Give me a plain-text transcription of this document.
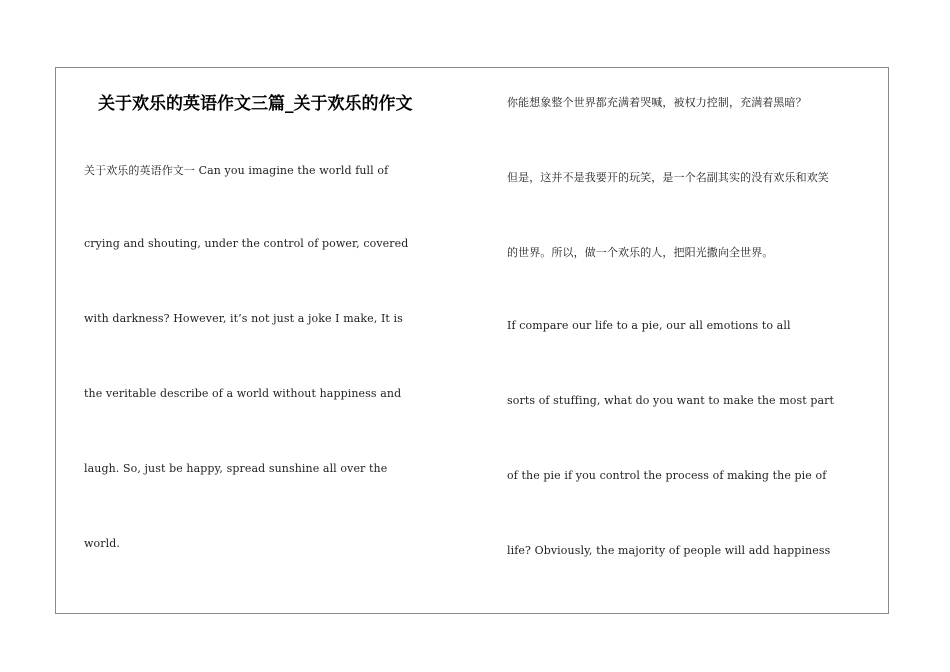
关于欢乐的英语作文三篇_关于欢乐的作文
关于欢乐的英语作文一 Can you imagine the world full of
crying and shouting, under the control of power, covered
with darkness? However, it’s not just a joke I make, It is
the veritable describe of a world without happiness and
laugh. So, just be happy, spread sunshine all over the
world.
你能想象整个世界都充满着哭喊，被权力控制，充满着黑暗？
但是，这并不是我要开的玩笑，是一个名副其实的没有欢乐和欢笑
的世界。所以，做一个欢乐的人，把阳光撒向全世界。
If compare our life to a pie, our all emotions to all
sorts of stuffing, what do you want to make the most part
of the pie if you control the process of making the pie of
life? Obviously, the majority of people will add happiness
